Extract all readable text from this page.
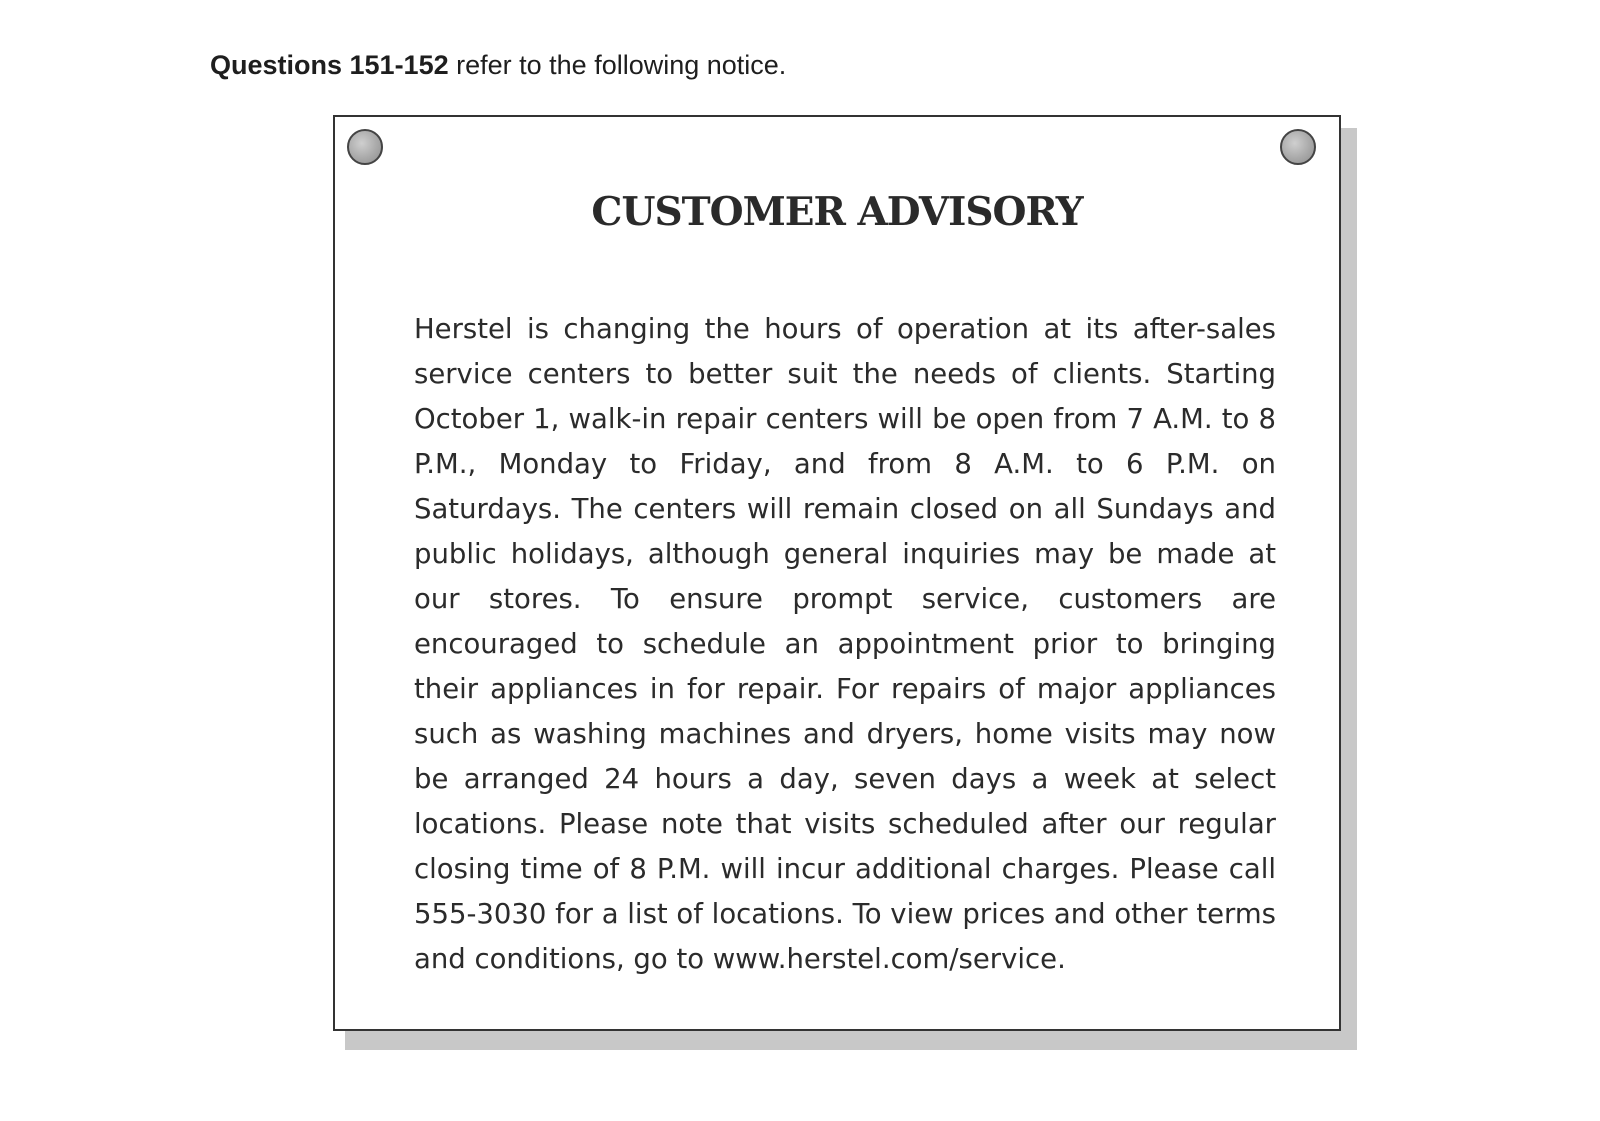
Questions 151-152 refer to the following notice.
CUSTOMER ADVISORY

Herstel is changing the hours of operation at its after-sales service centers to better suit the needs of clients. Starting October 1, walk-in repair centers will be open from 7 A.M. to 8 P.M., Monday to Friday, and from 8 A.M. to 6 P.M. on Saturdays. The centers will remain closed on all Sundays and public holidays, although general inquiries may be made at our stores. To ensure prompt service, customers are encouraged to schedule an appointment prior to bringing their appliances in for repair. For repairs of major appliances such as washing machines and dryers, home visits may now be arranged 24 hours a day, seven days a week at select locations. Please note that visits scheduled after our regular closing time of 8 P.M. will incur additional charges. Please call 555-3030 for a list of locations. To view prices and other terms and conditions, go to www.herstel.com/service.
